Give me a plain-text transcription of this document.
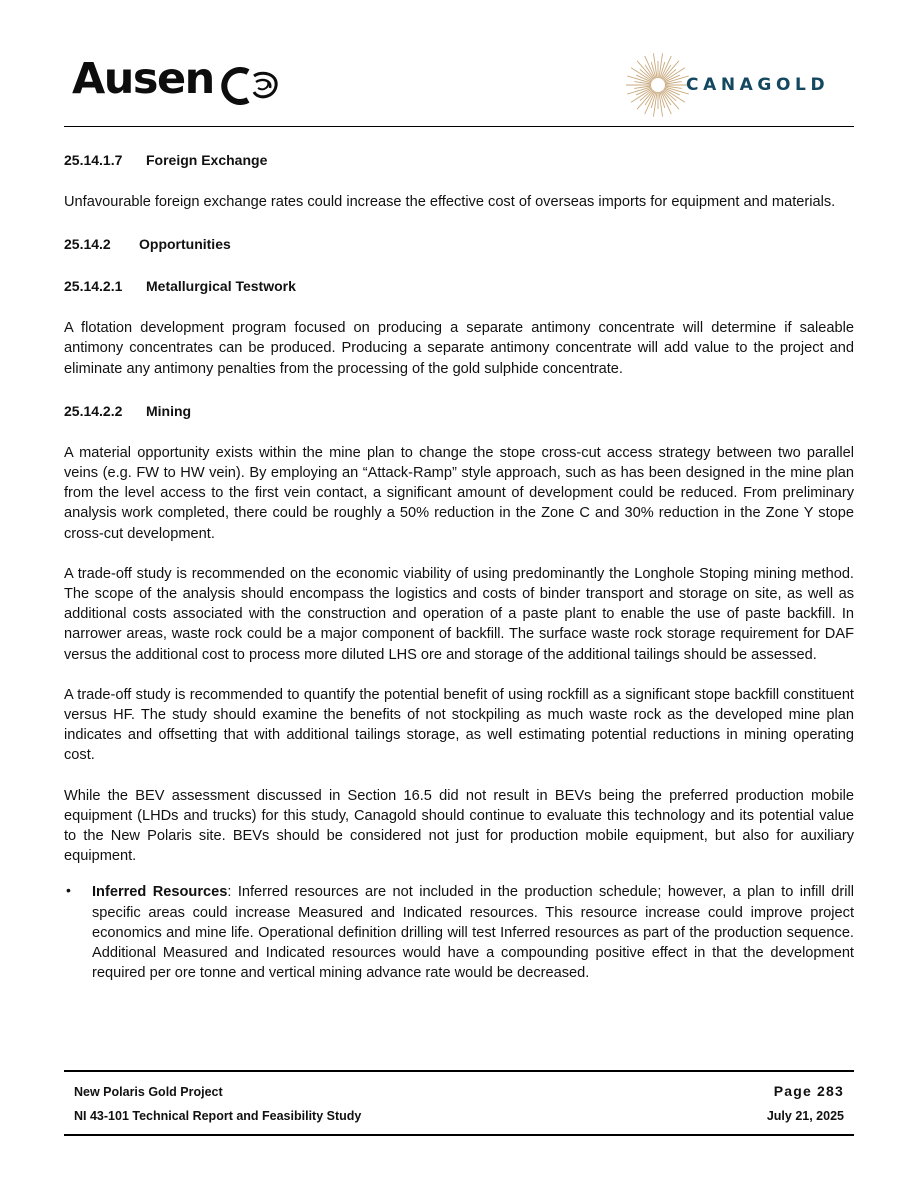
Ausen	CANAGOLD
25.14.1.7 Foreign Exchange

Unfavourable foreign exchange rates could increase the effective cost of overseas imports for equipment and materials.

25.14.2 Opportunities
25.14.2.1 Metallurgical Testwork

A flotation development program focused on producing a separate antimony concentrate will determine if saleable antimony concentrates can be produced. Producing a separate antimony concentrate will add value to the project and eliminate any antimony penalties from the processing of the gold sulphide concentrate.

25.14.2.2 Mining

A material opportunity exists within the mine plan to change the stope cross-cut access strategy between two parallel veins (e.g. FW to HW vein). By employing an “Attack-Ramp” style approach, such as has been designed in the mine plan from the level access to the first vein contact, a significant amount of development could be reduced. From preliminary analysis work completed, there could be roughly a 50% reduction in the Zone C and 30% reduction in the Zone Y stope cross-cut development.

A trade-off study is recommended on the economic viability of using predominantly the Longhole Stoping mining method. The scope of the analysis should encompass the logistics and costs of binder transport and storage on site, as well as additional costs associated with the construction and operation of a paste plant to enable the use of paste backfill. In narrower areas, waste rock could be a major component of backfill. The surface waste rock storage requirement for DAF versus the additional cost to process more diluted LHS ore and storage of the additional tailings should be assessed.

A trade-off study is recommended to quantify the potential benefit of using rockfill as a significant stope backfill constituent versus HF. The study should examine the benefits of not stockpiling as much waste rock as the developed mine plan indicates and offsetting that with additional tailings storage, as well estimating potential reductions in mining operating cost.

While the BEV assessment discussed in Section 16.5 did not result in BEVs being the preferred production mobile equipment (LHDs and trucks) for this study, Canagold should continue to evaluate this technology and its potential value to the New Polaris site. BEVs should be considered not just for production mobile equipment, but also for auxiliary equipment.

• Inferred Resources: Inferred resources are not included in the production schedule; however, a plan to infill drill specific areas could increase Measured and Indicated resources. This resource increase could improve project economics and mine life. Operational definition drilling will test Inferred resources as part of the production sequence. Additional Measured and Indicated resources would have a compounding positive effect in that the development required per ore tonne and vertical mining advance rate would be decreased.

New Polaris Gold Project	Page 283
NI 43-101 Technical Report and Feasibility Study	July 21, 2025
